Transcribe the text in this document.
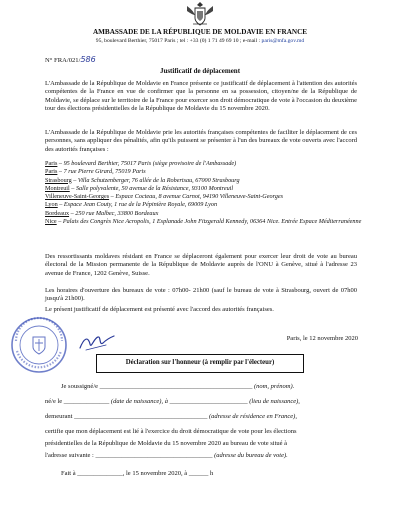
AMBASSADE DE LA RÉPUBLIQUE DE MOLDAVIE EN FRANCE
95, boulevard Berthier, 75017 Paris ; tel : +33 (0) 1 71 49 69 10 ; e-mail : paris@mfa.gov.md
N° FRA/021/586
Justificatif de déplacement
L'Ambassade de la République de Moldavie en France présente ce justificatif de déplacement à l'attention des autorités compétentes de la France en vue de confirmer que la personne en sa possession, citoyen/ne de la République de Moldavie, se déplace sur le territoire de la France pour exercer son droit démocratique de vote à l'occasion du deuxième tour des élections présidentielles de la République de Moldavie du 15 novembre 2020.
L'Ambassade de la République de Moldavie prie les autorités françaises compétentes de faciliter le déplacement de ces personnes, sans appliquer des pénalités, afin qu'ils puissent se présenter à l'un des bureaux de vote ouverts avec l'accord des autorités françaises :
Paris – 95 boulevard Berthier, 75017 Paris (siège provisoire de l'Ambassade)
Paris – 7 rue Pierre Girard, 75019 Paris
Strasbourg – Villa Schutzenberger, 76 allée de la Robertsau, 67000 Strasbourg
Montreuil – Salle polyvalente, 50 avenue de la Résistance, 93100 Montreuil
Villeneuve-Saint-Georges – Espace Cocteau, 8 avenue Carnot, 94190 Villeneuve-Saint-Georges
Lyon – Espace Jean Couty, 1 rue de la Pépinière Royale, 69009 Lyon
Bordeaux – 250 rue Malbec, 33800 Bordeaux
Nice – Palais des Congrès Nice Acropolis, 1 Esplanade John Fitzgerald Kennedy, 06364 Nice. Entrée Espace Méditerranéenne
Des ressortissants moldaves résidant en France se déplaceront également pour exercer leur droit de vote au bureau électoral de la Mission permanente de la République de Moldavie auprès de l'ONU à Genève, situé à l'adresse 23 avenue de France, 1202 Genève, Suisse.
Les horaires d'ouverture des bureaux de vote : 07h00- 21h00 (sauf le bureau de vote à Strasbourg, ouvert de 07h00 jusqu'à 21h00).
Le présent justificatif de déplacement est présenté avec l'accord des autorités françaises.
Paris, le 12 novembre 2020
Déclaration sur l'honneur (à remplir par l'électeur)
Je soussigné/e _______________________________________________ (nom, prénom).
né/e le ______________ (date de naissance), à ________________________ (lieu de naissance),
demeurant _________________________________________ (adresse de résidence en France),
certifie que mon déplacement est lié à l'exercice du droit démocratique de vote pour les élections
présidentielles de la République de Moldavie du 15 novembre 2020 au bureau de vote situé à
l'adresse suivante : ____________________________________ (adresse du bureau de vote).
Fait à ______________, le 15 novembre 2020, à ______ h
